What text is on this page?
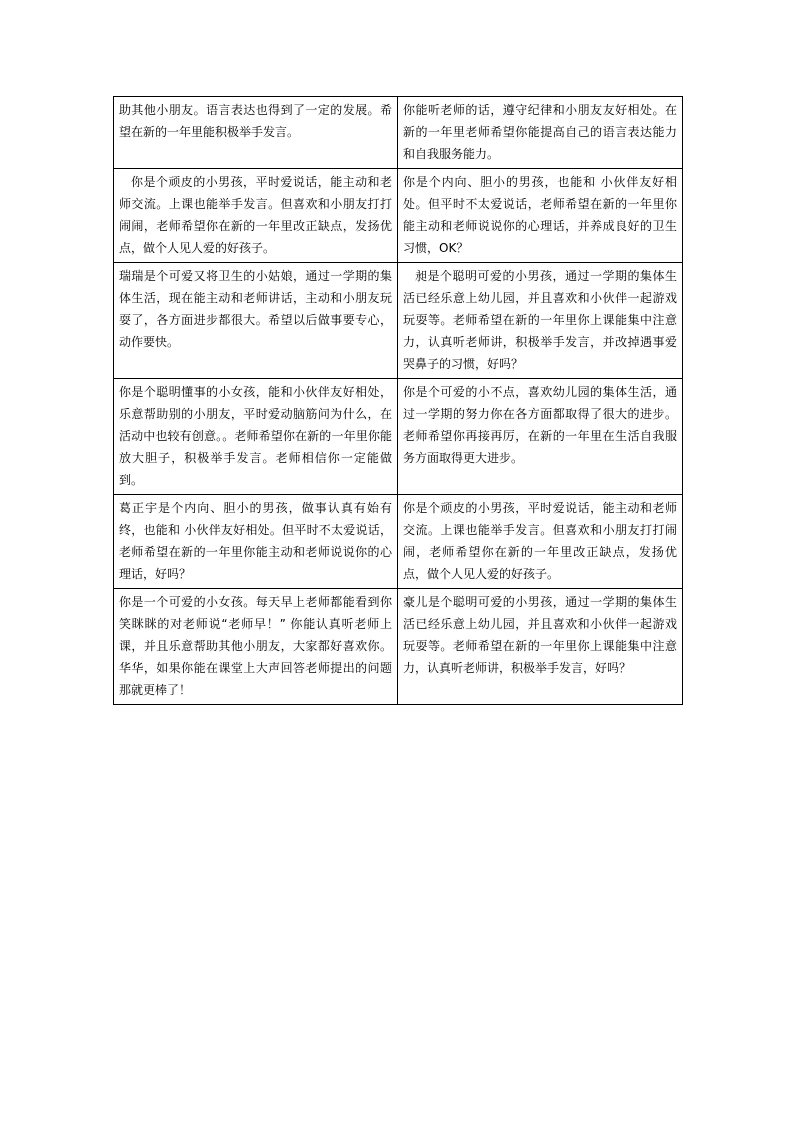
助其他小朋友。语言表达也得到了一定的发展。希望在新的一年里能积极举手发言。	你能听老师的话，遵守纪律和小朋友友好相处。在新的一年里老师希望你能提高自己的语言表达能力和自我服务能力。
你是个顽皮的小男孩，平时爱说话，能主动和老师交流。上课也能举手发言。但喜欢和小朋友打打闹闹，老师希望你在新的一年里改正缺点，发扬优点，做个人见人爱的好孩子。	你是个内向、胆小的男孩，也能和 小伙伴友好相处。但平时不太爱说话，老师希望在新的一年里你能主动和老师说说你的心理话，并养成良好的卫生习惯，OK？
瑞瑞是个可爱又将卫生的小姑娘，通过一学期的集体生活，现在能主动和老师讲话，主动和小朋友玩耍了，各方面进步都很大。希望以后做事要专心，动作要快。	昶是个聪明可爱的小男孩，通过一学期的集体生活已经乐意上幼儿园，并且喜欢和小伙伴一起游戏玩耍等。老师希望在新的一年里你上课能集中注意力，认真听老师讲，积极举手发言，并改掉遇事爱哭鼻子的习惯，好吗？
你是个聪明懂事的小女孩，能和小伙伴友好相处，乐意帮助别的小朋友，平时爱动脑筋问为什么，在活动中也较有创意。。老师希望你在新的一年里你能放大胆子，积极举手发言。老师相信你一定能做到。	你是个可爱的小不点，喜欢幼儿园的集体生活，通过一学期的努力你在各方面都取得了很大的进步。老师希望你再接再厉，在新的一年里在生活自我服务方面取得更大进步。
葛正宇是个内向、胆小的男孩，做事认真有始有终，也能和 小伙伴友好相处。但平时不太爱说话，老师希望在新的一年里你能主动和老师说说你的心理话，好吗？	你是个顽皮的小男孩，平时爱说话，能主动和老师交流。上课也能举手发言。但喜欢和小朋友打打闹闹，老师希望你在新的一年里改正缺点，发扬优点，做个人见人爱的好孩子。
你是一个可爱的小女孩。每天早上老师都能看到你笑眯眯的对老师说“老师早！” 你能认真听老师上课，并且乐意帮助其他小朋友，大家都好喜欢你。华华，如果你能在课堂上大声回答老师提出的问题那就更棒了！	豪儿是个聪明可爱的小男孩，通过一学期的集体生活已经乐意上幼儿园，并且喜欢和小伙伴一起游戏玩耍等。老师希望在新的一年里你上课能集中注意力，认真听老师讲，积极举手发言，好吗？
